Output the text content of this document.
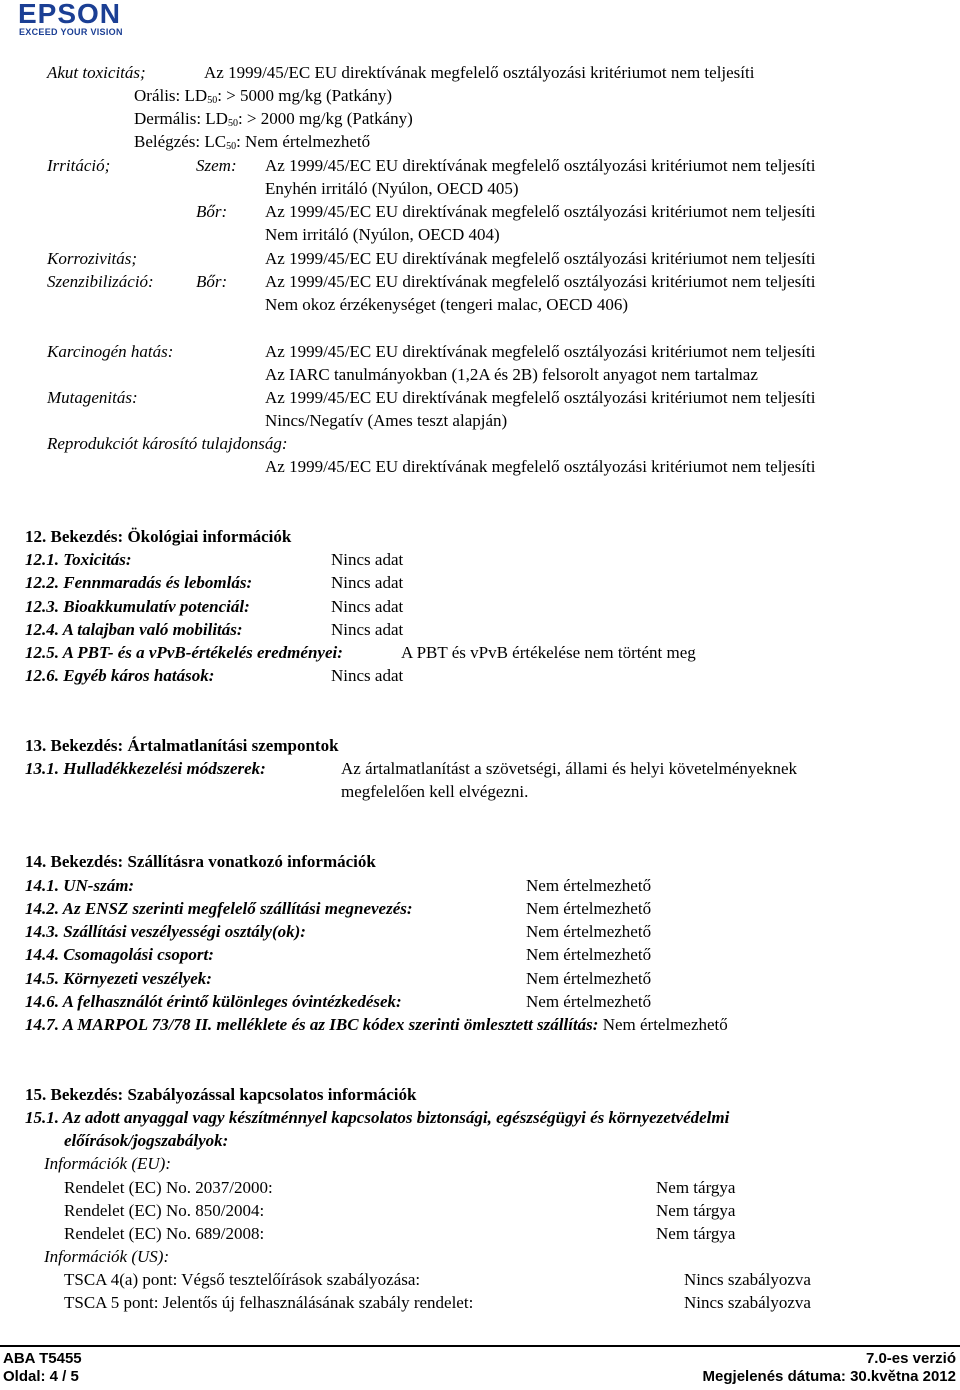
EPSON
EXCEED YOUR VISION
Akut toxicitás;	Az 1999/45/EC EU direktívának megfelelő osztályozási kritériumot nem teljesíti
Orális: $LD_{50}$: > 5000 mg/kg (Patkány)
Dermális: $LD_{50}$: > 2000 mg/kg (Patkány)
Belégzés: $LC_{50}$: Nem értelmezhető
Irritáció;	Szem: Az 1999/45/EC EU direktívának megfelelő osztályozási kritériumot nem teljesíti
Enyhén irritáló (Nyúlon, OECD 405)
Bőr: Az 1999/45/EC EU direktívának megfelelő osztályozási kritériumot nem teljesíti
Nem irritáló (Nyúlon, OECD 404)
Korrozivitás;	Az 1999/45/EC EU direktívának megfelelő osztályozási kritériumot nem teljesíti
Szenzibilizáció: Bőr: Az 1999/45/EC EU direktívának megfelelő osztályozási kritériumot nem teljesíti
Nem okoz érzékenységet (tengeri malac, OECD 406)
Karcinogén hatás:	Az 1999/45/EC EU direktívának megfelelő osztályozási kritériumot nem teljesíti
Az IARC tanulmányokban (1,2A és 2B) felsorolt anyagot nem tartalmaz
Mutagenitás:	Az 1999/45/EC EU direktívának megfelelő osztályozási kritériumot nem teljesíti
Nincs/Negatív (Ames teszt alapján)
Reprodukciót károsító tulajdonság:
Az 1999/45/EC EU direktívának megfelelő osztályozási kritériumot nem teljesíti
12. Bekezdés: Ökológiai információk
12.1. Toxicitás:	Nincs adat
12.2. Fennmaradás és lebomlás:	Nincs adat
12.3. Bioakkumulatív potenciál:	Nincs adat
12.4. A talajban való mobilitás:	Nincs adat
12.5. A PBT- és a vPvB-értékelés eredményei:	A PBT és vPvB értékelése nem történt meg
12.6. Egyéb káros hatások:	Nincs adat
13. Bekezdés: Ártalmatlanítási szempontok
13.1. Hulladékkezelési módszerek:	Az ártalmatlanítást a szövetségi, állami és helyi követelményeknek
megfelelően kell elvégezni.
14. Bekezdés: Szállításra vonatkozó információk
14.1. UN-szám:	Nem értelmezhető
14.2. Az ENSZ szerinti megfelelő szállítási megnevezés:	Nem értelmezhető
14.3. Szállítási veszélyességi osztály(ok):	Nem értelmezhető
14.4. Csomagolási csoport:	Nem értelmezhető
14.5. Környezeti veszélyek:	Nem értelmezhető
14.6. A felhasználót érintő különleges óvintézkedések:	Nem értelmezhető
14.7. A MARPOL 73/78 II. melléklete és az IBC kódex szerinti ömlesztett szállítás: Nem értelmezhető
15. Bekezdés: Szabályozással kapcsolatos információk
15.1. Az adott anyaggal vagy készítménnyel kapcsolatos biztonsági, egészségügyi és környezetvédelmi
előírások/jogszabályok:
Információk (EU):
Rendelet (EC) No. 2037/2000:	Nem tárgya
Rendelet (EC) No. 850/2004:	Nem tárgya
Rendelet (EC) No. 689/2008:	Nem tárgya
Információk (US):
TSCA 4(a) pont: Végső tesztelőírások szabályozása:	Nincs szabályozva
TSCA 5 pont: Jelentős új felhasználásának szabály rendelet:	Nincs szabályozva
ABA T5455
Oldal: 4 / 5
7.0-es verzió
Megjelenés dátuma: 30.května 2012
